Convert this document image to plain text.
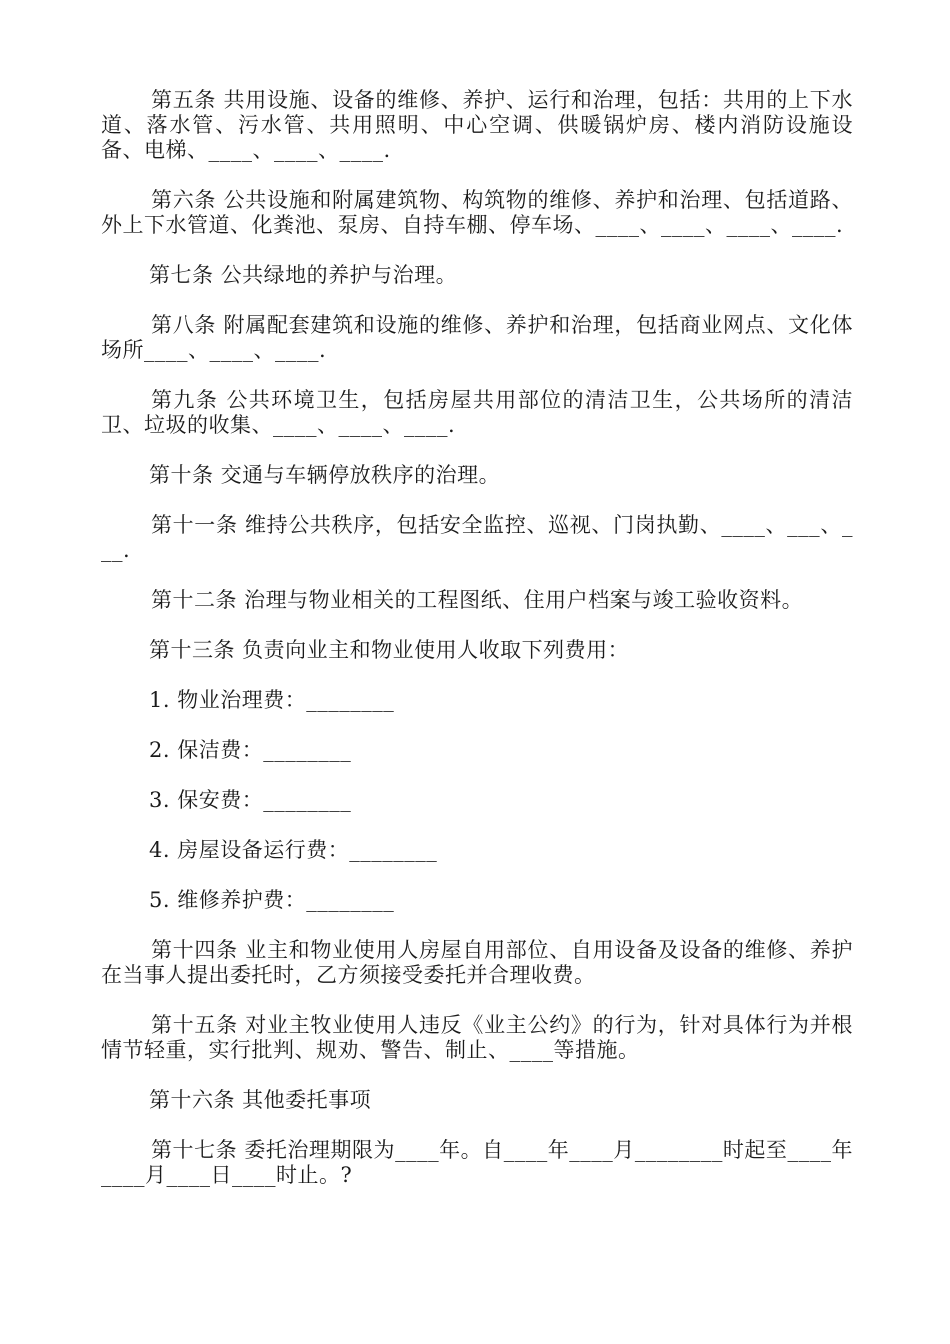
第五条 共用设施、设备的维修、养护、运行和治理，包括：共用的上下水道、落水管、污水管、共用照明、中心空调、供暖锅炉房、楼内消防设施设备、电梯、____、____、____.

第六条 公共设施和附属建筑物、构筑物的维修、养护和治理、包括道路、外上下水管道、化粪池、泵房、自持车棚、停车场、____、____、____、____.

第七条 公共绿地的养护与治理。

第八条 附属配套建筑和设施的维修、养护和治理，包括商业网点、文化体场所____、____、____.

第九条 公共环境卫生，包括房屋共用部位的清洁卫生，公共场所的清洁卫、垃圾的收集、____、____、____.

第十条 交通与车辆停放秩序的治理。

第十一条 维持公共秩序，包括安全监控、巡视、门岗执勤、____、___、___.

第十二条 治理与物业相关的工程图纸、住用户档案与竣工验收资料。

第十三条 负责向业主和物业使用人收取下列费用：

1. 物业治理费：________

2. 保洁费：________

3. 保安费：________

4. 房屋设备运行费：________

5. 维修养护费：________

第十四条 业主和物业使用人房屋自用部位、自用设备及设备的维修、养护在当事人提出委托时，乙方须接受委托并合理收费。

第十五条 对业主牧业使用人违反《业主公约》的行为，针对具体行为并根情节轻重，实行批判、规劝、警告、制止、____等措施。

第十六条 其他委托事项

第十七条 委托治理期限为____年。自____年____月________时起至____年____月____日____时止。?
